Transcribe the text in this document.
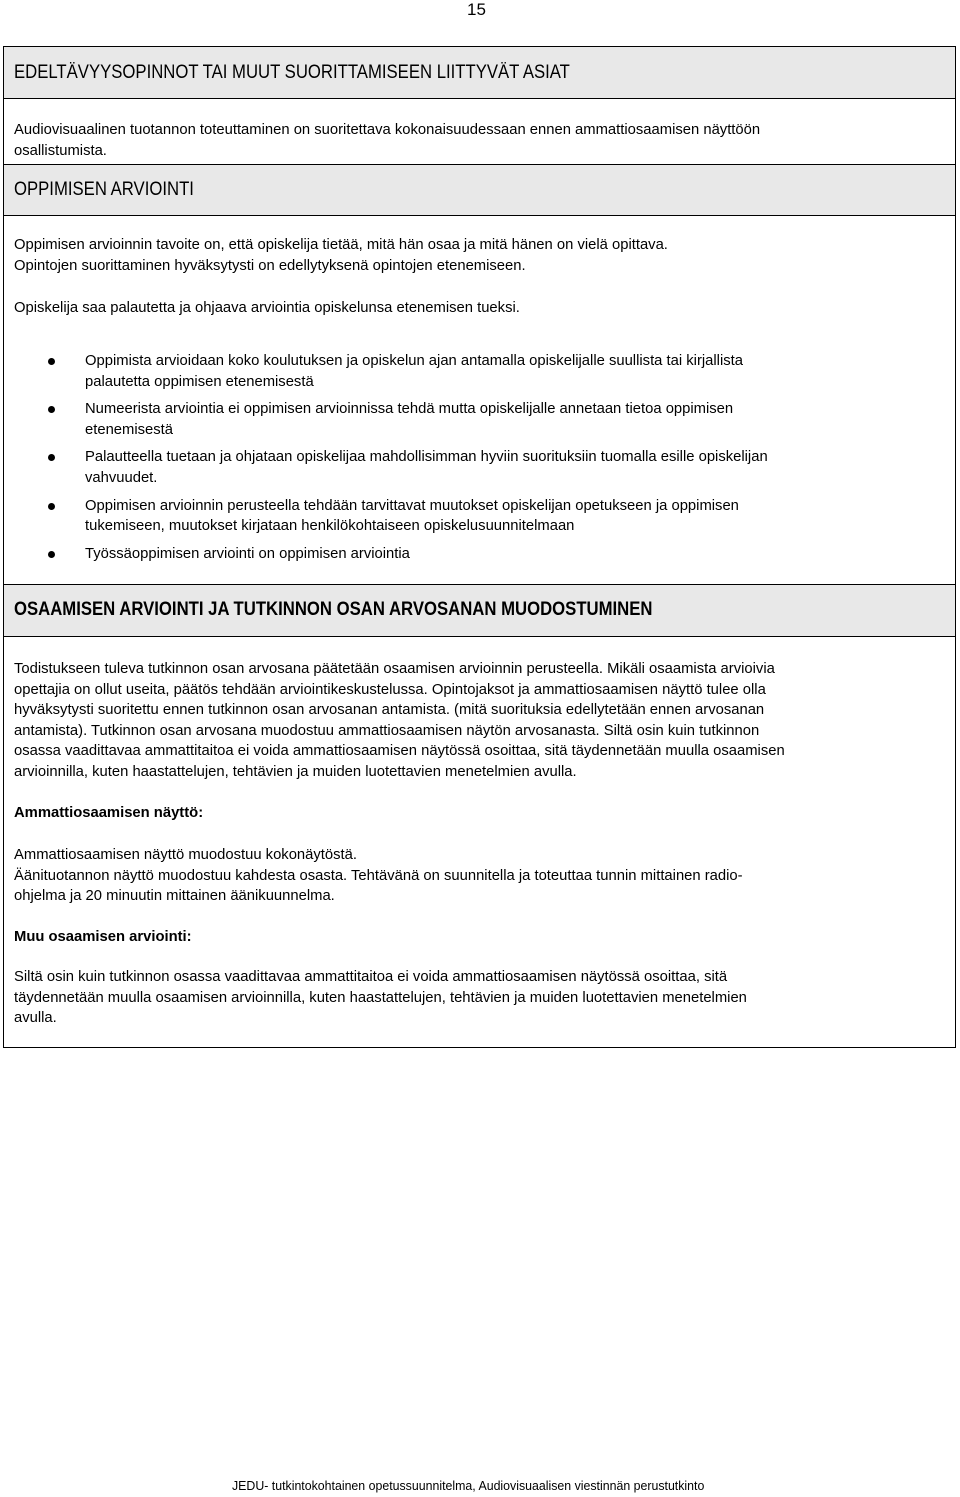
15
EDELTÄVYYSOPINNOT TAI MUUT SUORITTAMISEEN LIITTYVÄT ASIAT

Audiovisuaalinen tuotannon toteuttaminen on suoritettava kokonaisuudessaan ennen ammattiosaamisen näyttöön
osallistumista.

OPPIMISEN ARVIOINTI

Oppimisen arvioinnin tavoite on, että opiskelija tietää, mitä hän osaa ja mitä hänen on vielä opittava.
Opintojen suorittaminen hyväksytysti on edellytyksenä opintojen etenemiseen.

Opiskelija saa palautetta ja ohjaava arviointia opiskelunsa etenemisen tueksi.

Oppimista arvioidaan koko koulutuksen ja opiskelun ajan antamalla opiskelijalle suullista tai kirjallista
palautetta oppimisen etenemisestä
Numeerista arviointia ei oppimisen arvioinnissa tehdä mutta opiskelijalle annetaan tietoa oppimisen
etenemisestä
Palautteella tuetaan ja ohjataan opiskelijaa mahdollisimman hyviin suorituksiin tuomalla esille opiskelijan
vahvuudet.
Oppimisen arvioinnin perusteella tehdään tarvittavat muutokset opiskelijan opetukseen ja oppimisen
tukemiseen, muutokset kirjataan henkilökohtaiseen opiskelusuunnitelmaan
Työssäoppimisen arviointi on oppimisen arviointia
OSAAMISEN ARVIOINTI JA TUTKINNON OSAN ARVOSANAN MUODOSTUMINEN

Todistukseen tuleva tutkinnon osan arvosana päätetään osaamisen arvioinnin perusteella. Mikäli osaamista arvioivia
opettajia on ollut useita, päätös tehdään arviointikeskustelussa. Opintojaksot ja ammattiosaamisen näyttö tulee olla
hyväksytysti suoritettu ennen tutkinnon osan arvosanan antamista. (mitä suorituksia edellytetään ennen arvosanan
antamista). Tutkinnon osan arvosana muodostuu ammattiosaamisen näytön arvosanasta. Siltä osin kuin tutkinnon
osassa vaadittavaa ammattitaitoa ei voida ammattiosaamisen näytössä osoittaa, sitä täydennetään muulla osaamisen
arvioinnilla, kuten haastattelujen, tehtävien ja muiden luotettavien menetelmien avulla.

Ammattiosaamisen näyttö:

Ammattiosaamisen näyttö muodostuu kokonäytöstä.
Äänituotannon näyttö muodostuu kahdesta osasta. Tehtävänä on suunnitella ja toteuttaa tunnin mittainen radio-
ohjelma ja 20 minuutin mittainen äänikuunnelma.

Muu osaamisen arviointi:

Siltä osin kuin tutkinnon osassa vaadittavaa ammattitaitoa ei voida ammattiosaamisen näytössä osoittaa, sitä
täydennetään muulla osaamisen arvioinnilla, kuten haastattelujen, tehtävien ja muiden luotettavien menetelmien
avulla.

JEDU- tutkintokohtainen opetussuunnitelma, Audiovisuaalisen viestinnän perustutkinto
